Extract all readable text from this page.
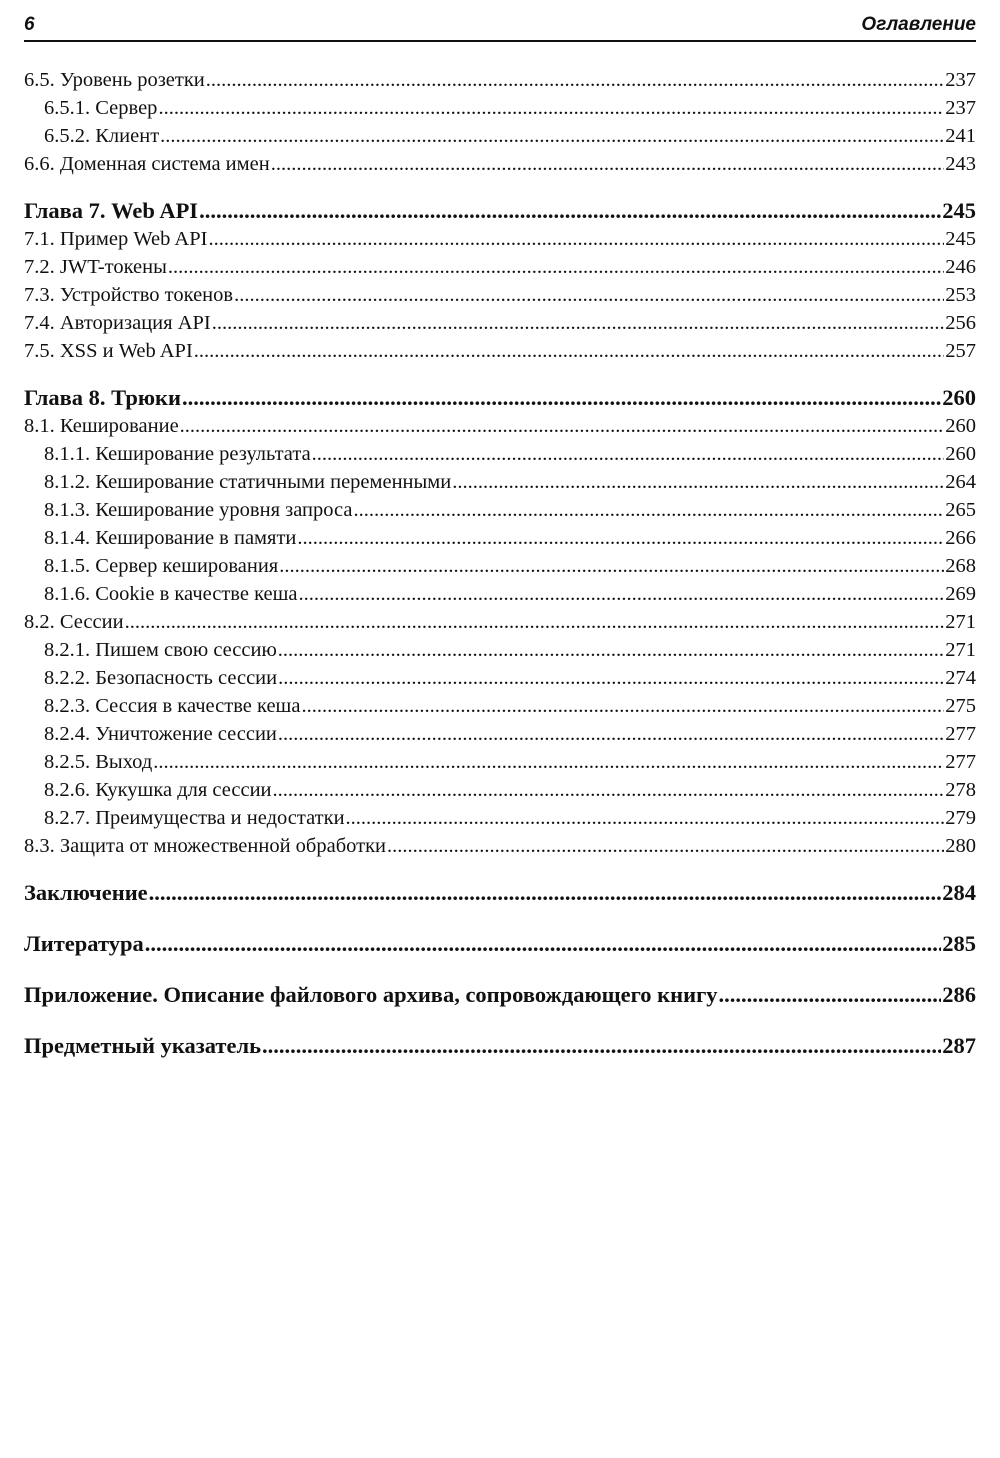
6	Оглавление
6.5. Уровень розетки .....	237
6.5.1. Сервер .....	237
6.5.2. Клиент .....	241
6.6. Доменная система имен .....	243
Глава 7. Web API .....	245
7.1. Пример Web API .....	245
7.2. JWT-токены .....	246
7.3. Устройство токенов .....	253
7.4. Авторизация API .....	256
7.5. XSS и Web API .....	257
Глава 8. Трюки .....	260
8.1. Кеширование .....	260
8.1.1. Кеширование результата .....	260
8.1.2. Кеширование статичными переменными .....	264
8.1.3. Кеширование уровня запроса .....	265
8.1.4. Кеширование в памяти .....	266
8.1.5. Сервер кеширования .....	268
8.1.6. Cookie в качестве кеша .....	269
8.2. Сессии .....	271
8.2.1. Пишем свою сессию .....	271
8.2.2. Безопасность сессии .....	274
8.2.3. Сессия в качестве кеша .....	275
8.2.4. Уничтожение сессии .....	277
8.2.5. Выход .....	277
8.2.6. Кукушка для сессии .....	278
8.2.7. Преимущества и недостатки .....	279
8.3. Защита от множественной обработки .....	280
Заключение .....	284
Литература .....	285
Приложение. Описание файлового архива, сопровождающего книгу .....	286
Предметный указатель .....	287
